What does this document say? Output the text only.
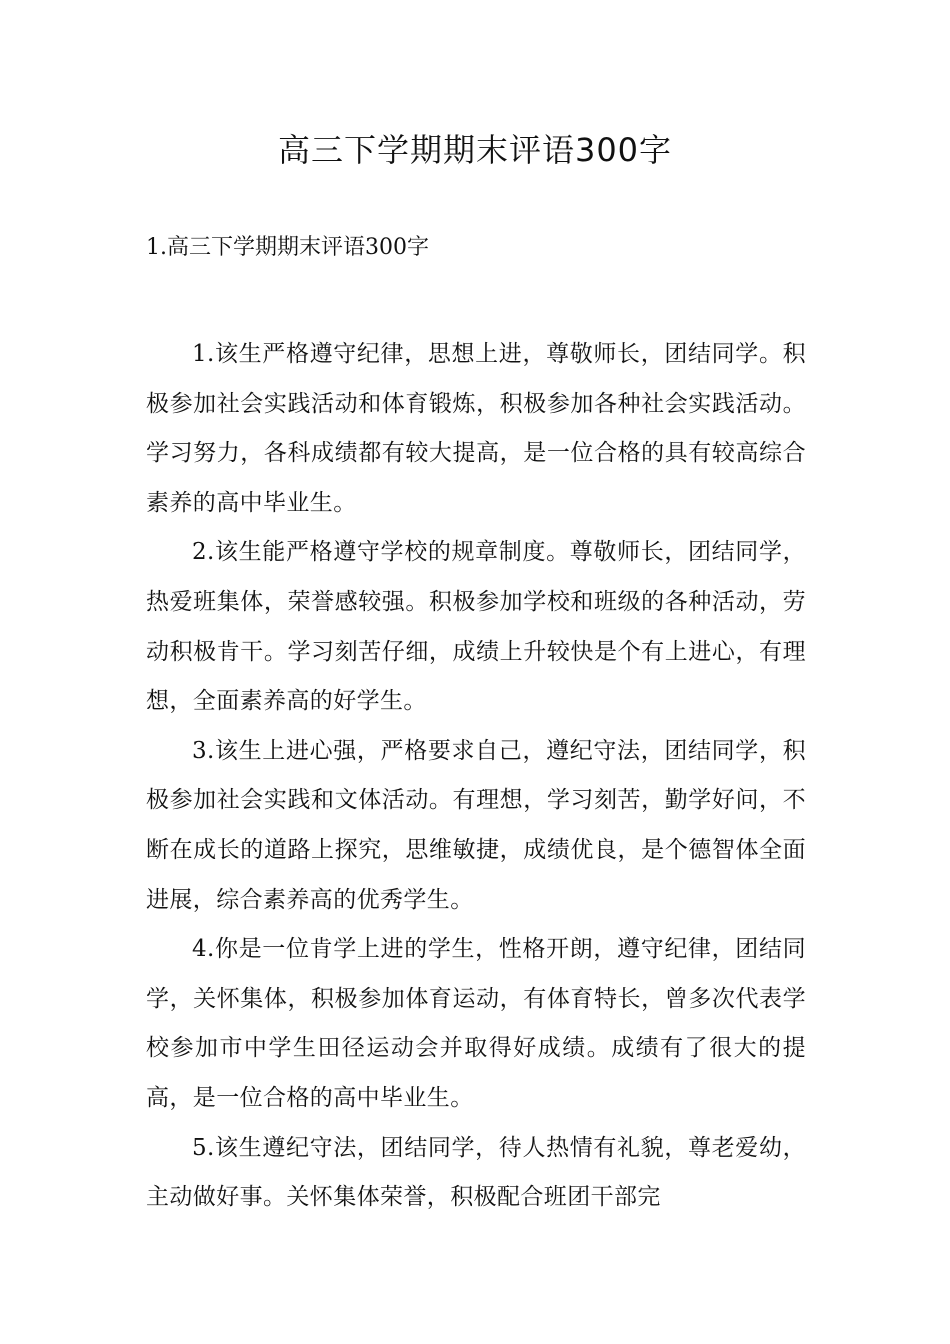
高三下学期期末评语300字
1.高三下学期期末评语300字

1.该生严格遵守纪律，思想上进，尊敬师长，团结同学。积极参加社会实践活动和体育锻炼，积极参加各种社会实践活动。学习努力，各科成绩都有较大提高，是一位合格的具有较高综合素养的高中毕业生。

2.该生能严格遵守学校的规章制度。尊敬师长，团结同学，热爱班集体，荣誉感较强。积极参加学校和班级的各种活动，劳动积极肯干。学习刻苦仔细，成绩上升较快是个有上进心，有理想，全面素养高的好学生。

3.该生上进心强，严格要求自己，遵纪守法，团结同学，积极参加社会实践和文体活动。有理想，学习刻苦，勤学好问，不断在成长的道路上探究，思维敏捷，成绩优良，是个德智体全面进展，综合素养高的优秀学生。

4.你是一位肯学上进的学生，性格开朗，遵守纪律，团结同学，关怀集体，积极参加体育运动，有体育特长，曾多次代表学校参加市中学生田径运动会并取得好成绩。成绩有了很大的提高，是一位合格的高中毕业生。

5.该生遵纪守法，团结同学，待人热情有礼貌，尊老爱幼，主动做好事。关怀集体荣誉，积极配合班团干部完
